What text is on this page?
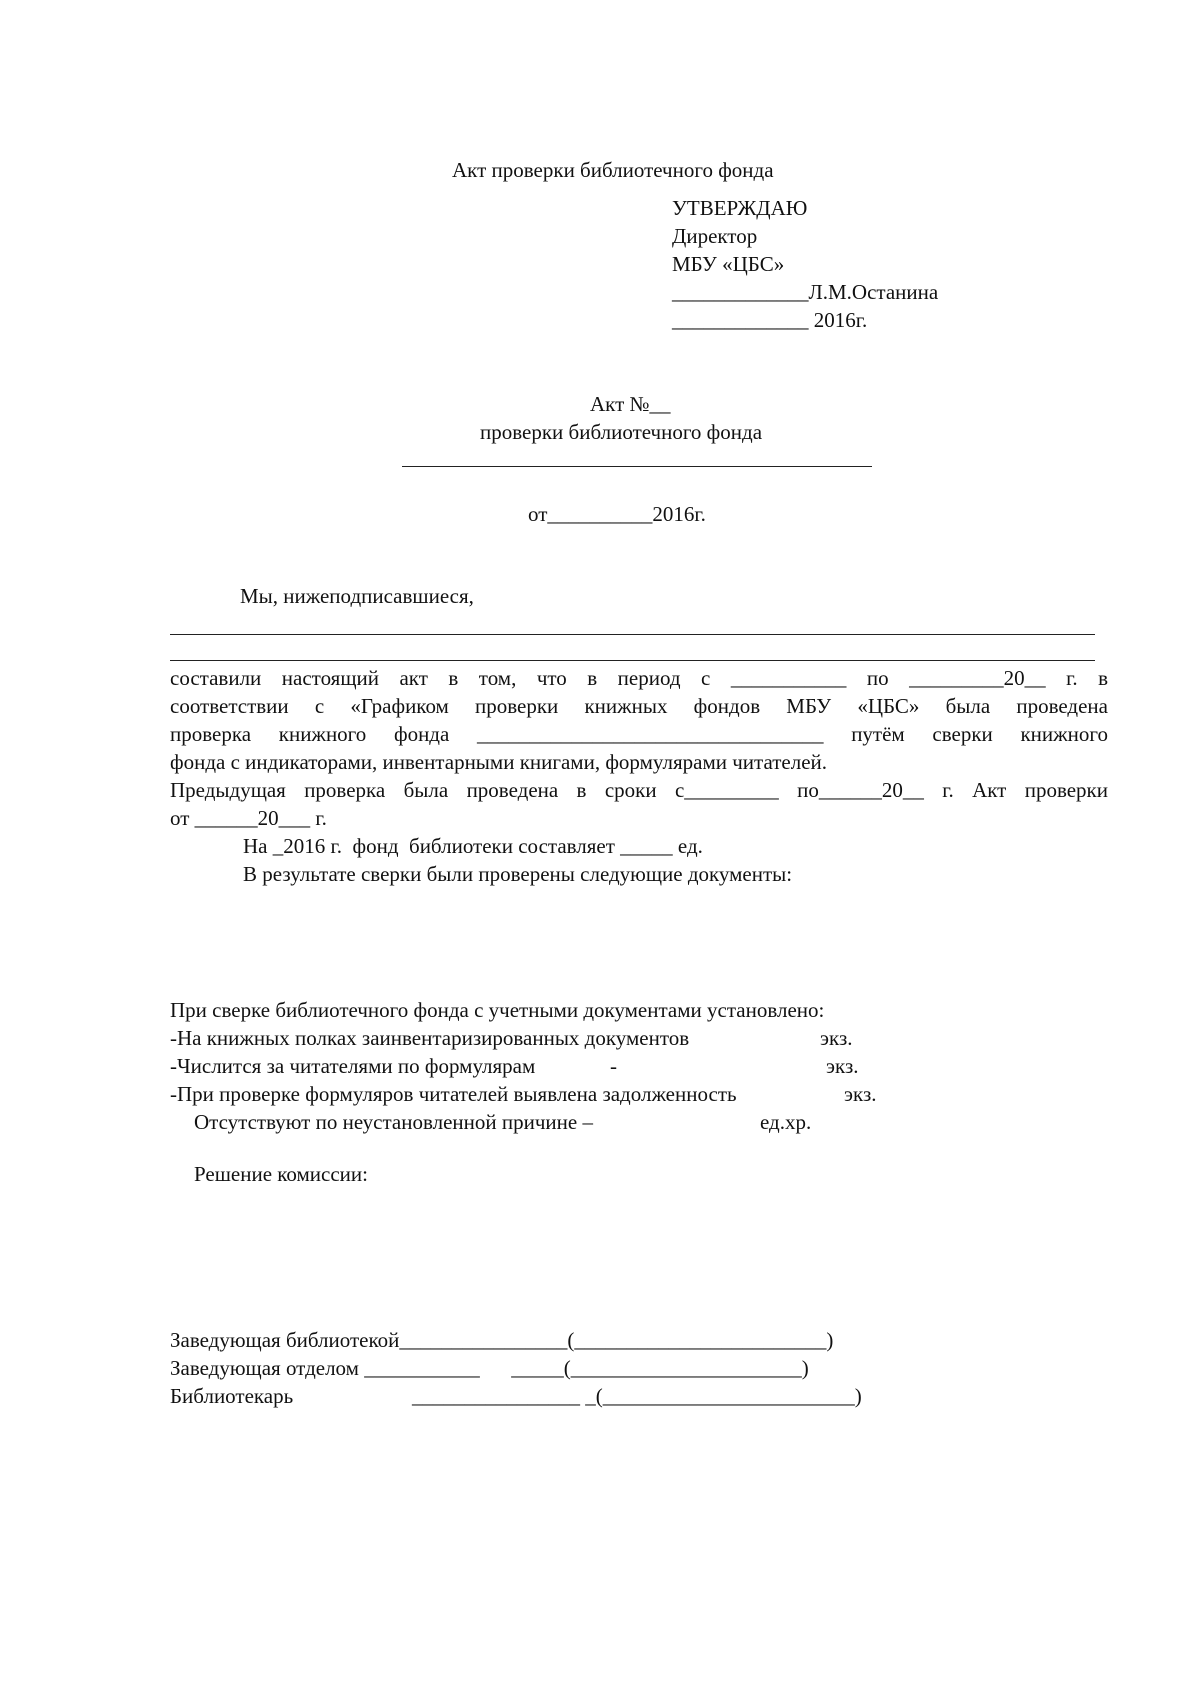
Акт проверки библиотечного фонда
УТВЕРЖДАЮ
Директор
МБУ «ЦБС»
_____________Л.М.Останина
_____________ 2016г.
Акт №__
проверки библиотечного фонда
от__________2016г.
Мы, нижеподписавшиеся,
составили настоящий акт в том, что в период с ___________ по _________20__ г. в
соответствии с «Графиком проверки книжных фондов МБУ «ЦБС» была проведена
проверка книжного фонда _________________________________ путём сверки книжного
фонда с индикаторами, инвентарными книгами, формулярами читателей.
Предыдущая проверка была проведена в сроки с_________ по______20__ г. Акт проверки
от ______20___ г.
На _2016 г.  фонд  библиотеки составляет _____ ед.
В результате сверки были проверены следующие документы:
При сверке библиотечного фонда с учетными документами установлено:
-На книжных полках заинвентаризированных документов	экз.
-Числится за читателями по формулярам	-	экз.
-При проверке формуляров читателей выявлена задолженность	экз.
Отсутствуют по неустановленной причине –	ед.хр.
Решение комиссии:
Заведующая библиотекой________________(________________________)
Заведующая отделом ___________      _____(______________________)
Библиотекарь	________________ _(________________________)
